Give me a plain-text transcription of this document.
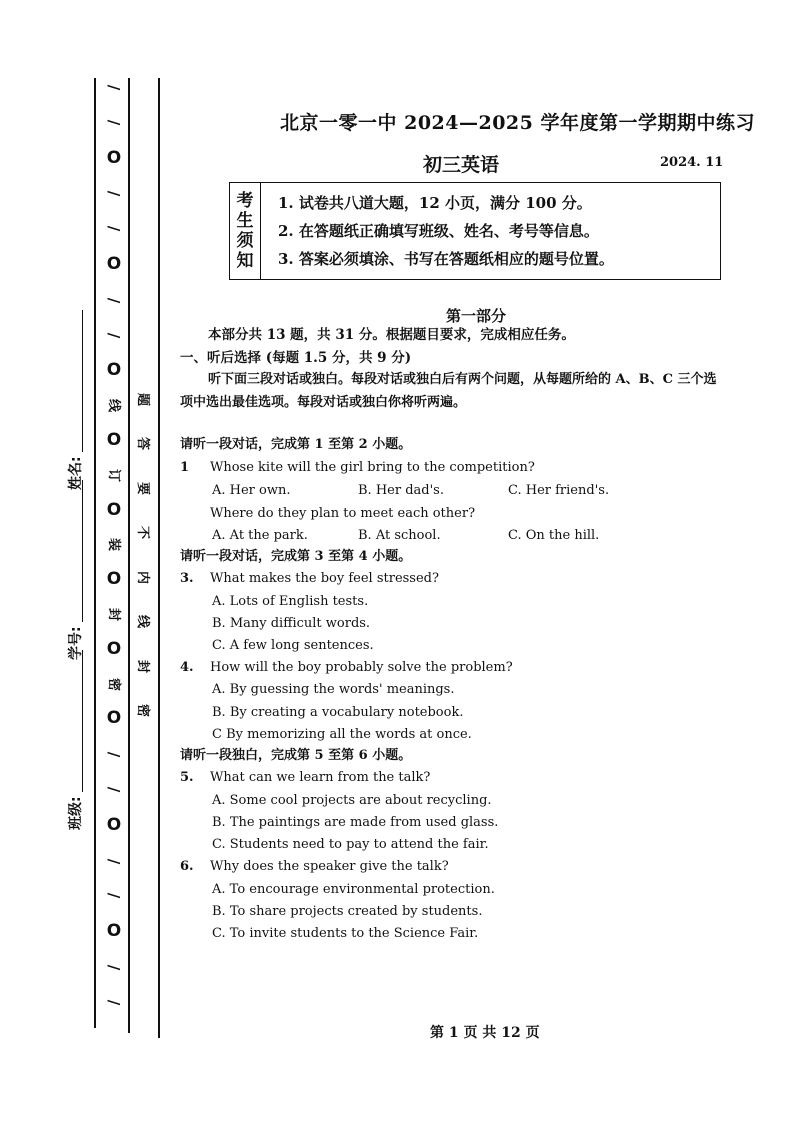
/
/
O
/
/
O
/
/
O
线
O
订
O
装
O
封
O
密
O
/
/
O
/
/
O
/
/
题
答
要
不
内
线
封
密
姓名:
学号:
班级:
北京一零一中 2024—2025 学年度第一学期期中练习
初三英语	2024. 11
考
生
须
知
1. 试卷共八道大题，12 小页，满分 100 分。
2. 在答题纸正确填写班级、姓名、考号等信息。
3. 答案必须填涂、书写在答题纸相应的题号位置。
第一部分
本部分共 13 题，共 31 分。根据题目要求，完成相应任务。
一、听后选择 (每题 1.5 分，共 9 分)
听下面三段对话或独白。每段对话或独白后有两个问题，从每题所给的 A、B、C 三个选
项中选出最佳选项。每段对话或独白你将听两遍。
请听一段对话，完成第 1 至第 2 小题。
1 Whose kite will the girl bring to the competition?
A. Her own.	B. Her dad's.	C. Her friend's.
Where do they plan to meet each other?
A. At the park.	B. At school.	C. On the hill.
请听一段对话，完成第 3 至第 4 小题。
3. What makes the boy feel stressed?
A. Lots of English tests.
B. Many difficult words.
C. A few long sentences.
4. How will the boy probably solve the problem?
A. By guessing the words' meanings.
B. By creating a vocabulary notebook.
C By memorizing all the words at once.
请听一段独白，完成第 5 至第 6 小题。
5. What can we learn from the talk?
A. Some cool projects are about recycling.
B. The paintings are made from used glass.
C. Students need to pay to attend the fair.
6. Why does the speaker give the talk?
A. To encourage environmental protection.
B. To share projects created by students.
C. To invite students to the Science Fair.
第 1 页 共 12 页
